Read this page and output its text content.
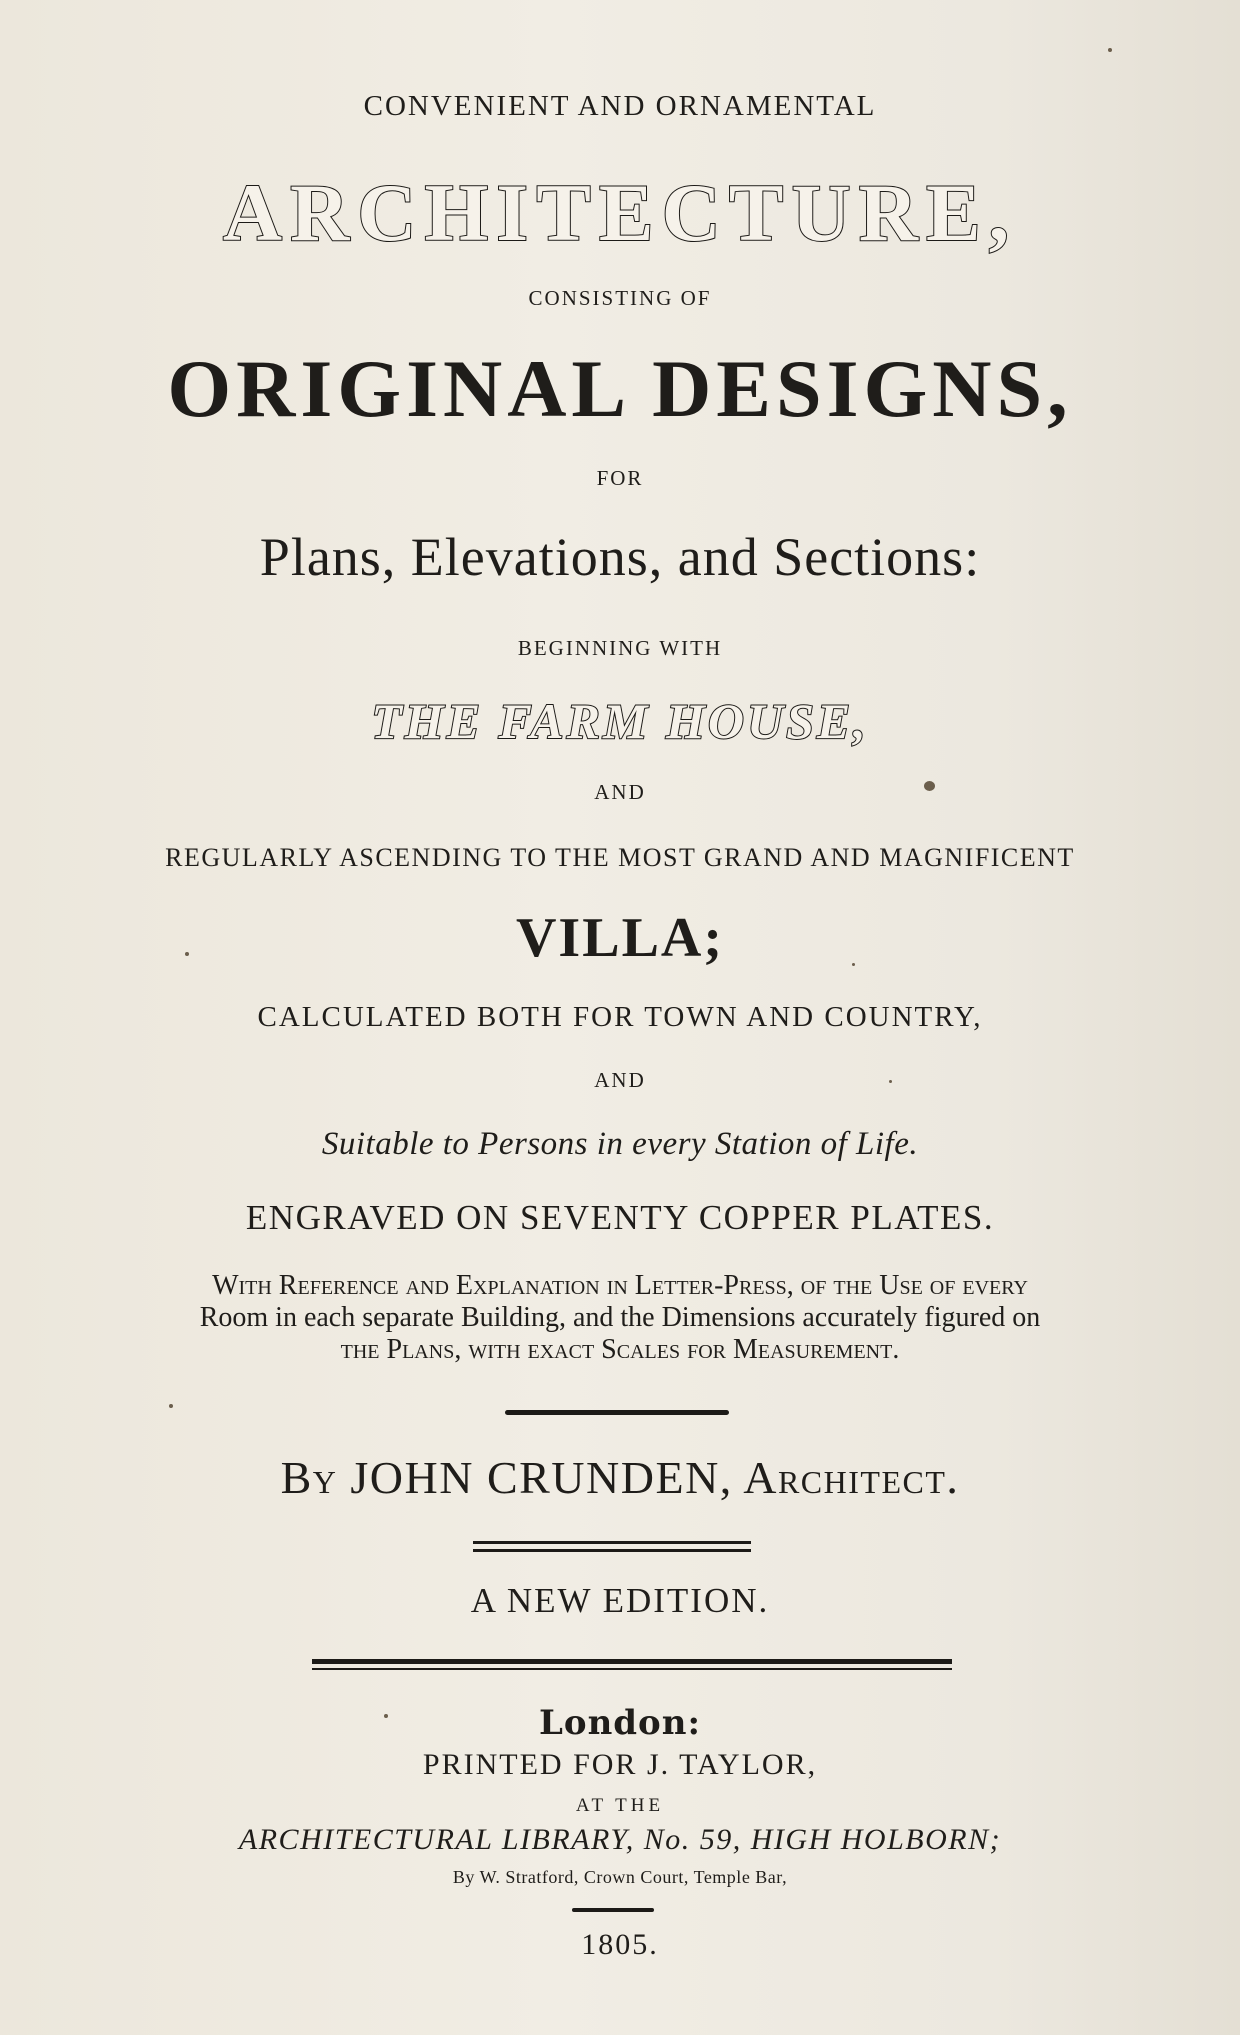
CONVENIENT AND ORNAMENTAL
ARCHITECTURE,
CONSISTING OF
ORIGINAL DESIGNS,
FOR
Plans, Elevations, and Sections:
BEGINNING WITH
THE FARM HOUSE,
AND
REGULARLY ASCENDING TO THE MOST GRAND AND MAGNIFICENT
VILLA;
CALCULATED BOTH FOR TOWN AND COUNTRY,
AND
Suitable to Persons in every Station of Life.
ENGRAVED ON SEVENTY COPPER PLATES.
With Reference and Explanation in Letter-Press, of the Use of every
Room in each separate Building, and the Dimensions accurately figured on
the Plans, with exact Scales for Measurement.
By JOHN CRUNDEN, Architect.
A NEW EDITION.
London:
PRINTED FOR J. TAYLOR,
AT THE
ARCHITECTURAL LIBRARY, No. 59, HIGH HOLBORN;
By W. Stratford, Crown Court, Temple Bar,
1805.
